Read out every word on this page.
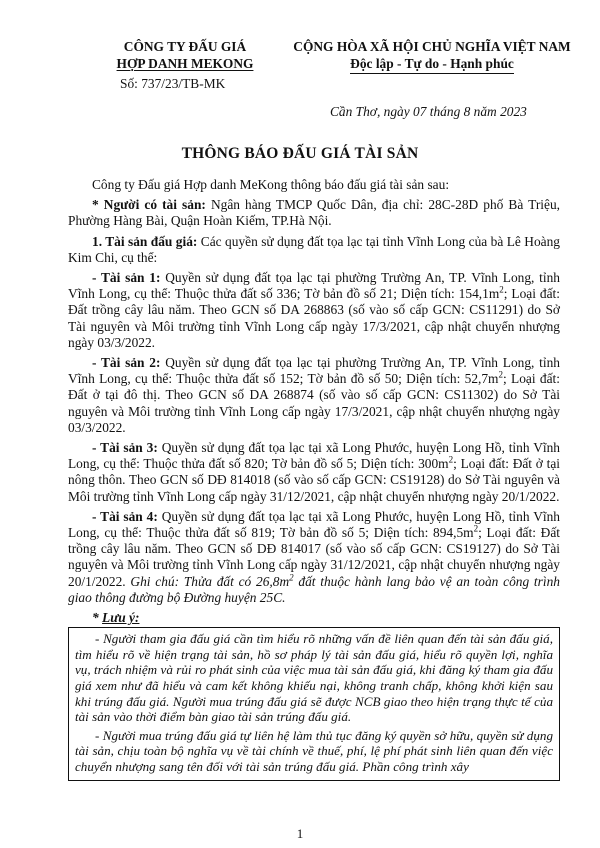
CÔNG TY ĐẤU GIÁ
HỢP DANH MEKONG
Số: 737/23/TB-MK
CỘNG HÒA XÃ HỘI CHỦ NGHĨA VIỆT NAM
Độc lập - Tự do - Hạnh phúc
Cần Thơ, ngày 07 tháng 8 năm 2023
THÔNG BÁO ĐẤU GIÁ TÀI SẢN

Công ty Đấu giá Hợp danh MeKong thông báo đấu giá tài sản sau:

* Người có tài sản: Ngân hàng TMCP Quốc Dân, địa chỉ: 28C-28D phố Bà Triệu, Phường Hàng Bài, Quận Hoàn Kiếm, TP.Hà Nội.

1. Tài sản đấu giá: Các quyền sử dụng đất tọa lạc tại tỉnh Vĩnh Long của bà Lê Hoàng Kim Chi, cụ thể:

- Tài sản 1: Quyền sử dụng đất tọa lạc tại phường Trường An, TP. Vĩnh Long, tỉnh Vĩnh Long, cụ thể: Thuộc thửa đất số 336; Tờ bản đồ số 21; Diện tích: $154,1m^2$; Loại đất: Đất trồng cây lâu năm. Theo GCN số DA 268863 (số vào số cấp GCN: CS11291) do Sở Tài nguyên và Môi trường tỉnh Vĩnh Long cấp ngày 17/3/2021, cập nhật chuyển nhượng ngày 03/3/2022.

- Tài sản 2: Quyền sử dụng đất tọa lạc tại phường Trường An, TP. Vĩnh Long, tỉnh Vĩnh Long, cụ thể: Thuộc thửa đất số 152; Tờ bản đồ số 50; Diện tích: $52,7m^2$; Loại đất: Đất ở tại đô thị. Theo GCN số DA 268874 (số vào số cấp GCN: CS11302) do Sở Tài nguyên và Môi trường tỉnh Vĩnh Long cấp ngày 17/3/2021, cập nhật chuyển nhượng ngày 03/3/2022.

- Tài sản 3: Quyền sử dụng đất tọa lạc tại xã Long Phước, huyện Long Hồ, tỉnh Vĩnh Long, cụ thể: Thuộc thửa đất số 820; Tờ bản đồ số 5; Diện tích: $300m^2$; Loại đất: Đất ở tại nông thôn. Theo GCN số DĐ 814018 (số vào số cấp GCN: CS19128) do Sở Tài nguyên và Môi trường tỉnh Vĩnh Long cấp ngày 31/12/2021, cập nhật chuyển nhượng ngày 20/1/2022.

- Tài sản 4: Quyền sử dụng đất tọa lạc tại xã Long Phước, huyện Long Hồ, tỉnh Vĩnh Long, cụ thể: Thuộc thửa đất số 819; Tờ bản đồ số 5; Diện tích: $894,5m^2$; Loại đất: Đất trồng cây lâu năm. Theo GCN số DĐ 814017 (số vào số cấp GCN: CS19127) do Sở Tài nguyên và Môi trường tỉnh Vĩnh Long cấp ngày 31/12/2021, cập nhật chuyển nhượng ngày 20/1/2022. Ghi chú: Thửa đất có $26,8m^2$ đất thuộc hành lang bảo vệ an toàn công trình giao thông đường bộ Đường huyện 25C.

* Lưu ý:

- Người tham gia đấu giá cần tìm hiểu rõ những vấn đề liên quan đến tài sản đấu giá, tìm hiểu rõ về hiện trạng tài sản, hồ sơ pháp lý tài sản đấu giá, hiểu rõ quyền lợi, nghĩa vụ, trách nhiệm và rủi ro phát sinh của việc mua tài sản đấu giá, khi đăng ký tham gia đấu giá xem như đã hiểu và cam kết không khiếu nại, không tranh chấp, không khởi kiện sau khi trúng đấu giá. Người mua trúng đấu giá sẽ được NCB giao theo hiện trạng thực tế của tài sản vào thời điểm bàn giao tài sản trúng đấu giá.

- Người mua trúng đấu giá tự liên hệ làm thủ tục đăng ký quyền sở hữu, quyền sử dụng tài sản, chịu toàn bộ nghĩa vụ về tài chính về thuế, phí, lệ phí phát sinh liên quan đến việc chuyển nhượng sang tên đối với tài sản trúng đấu giá. Phần công trình xây

1
